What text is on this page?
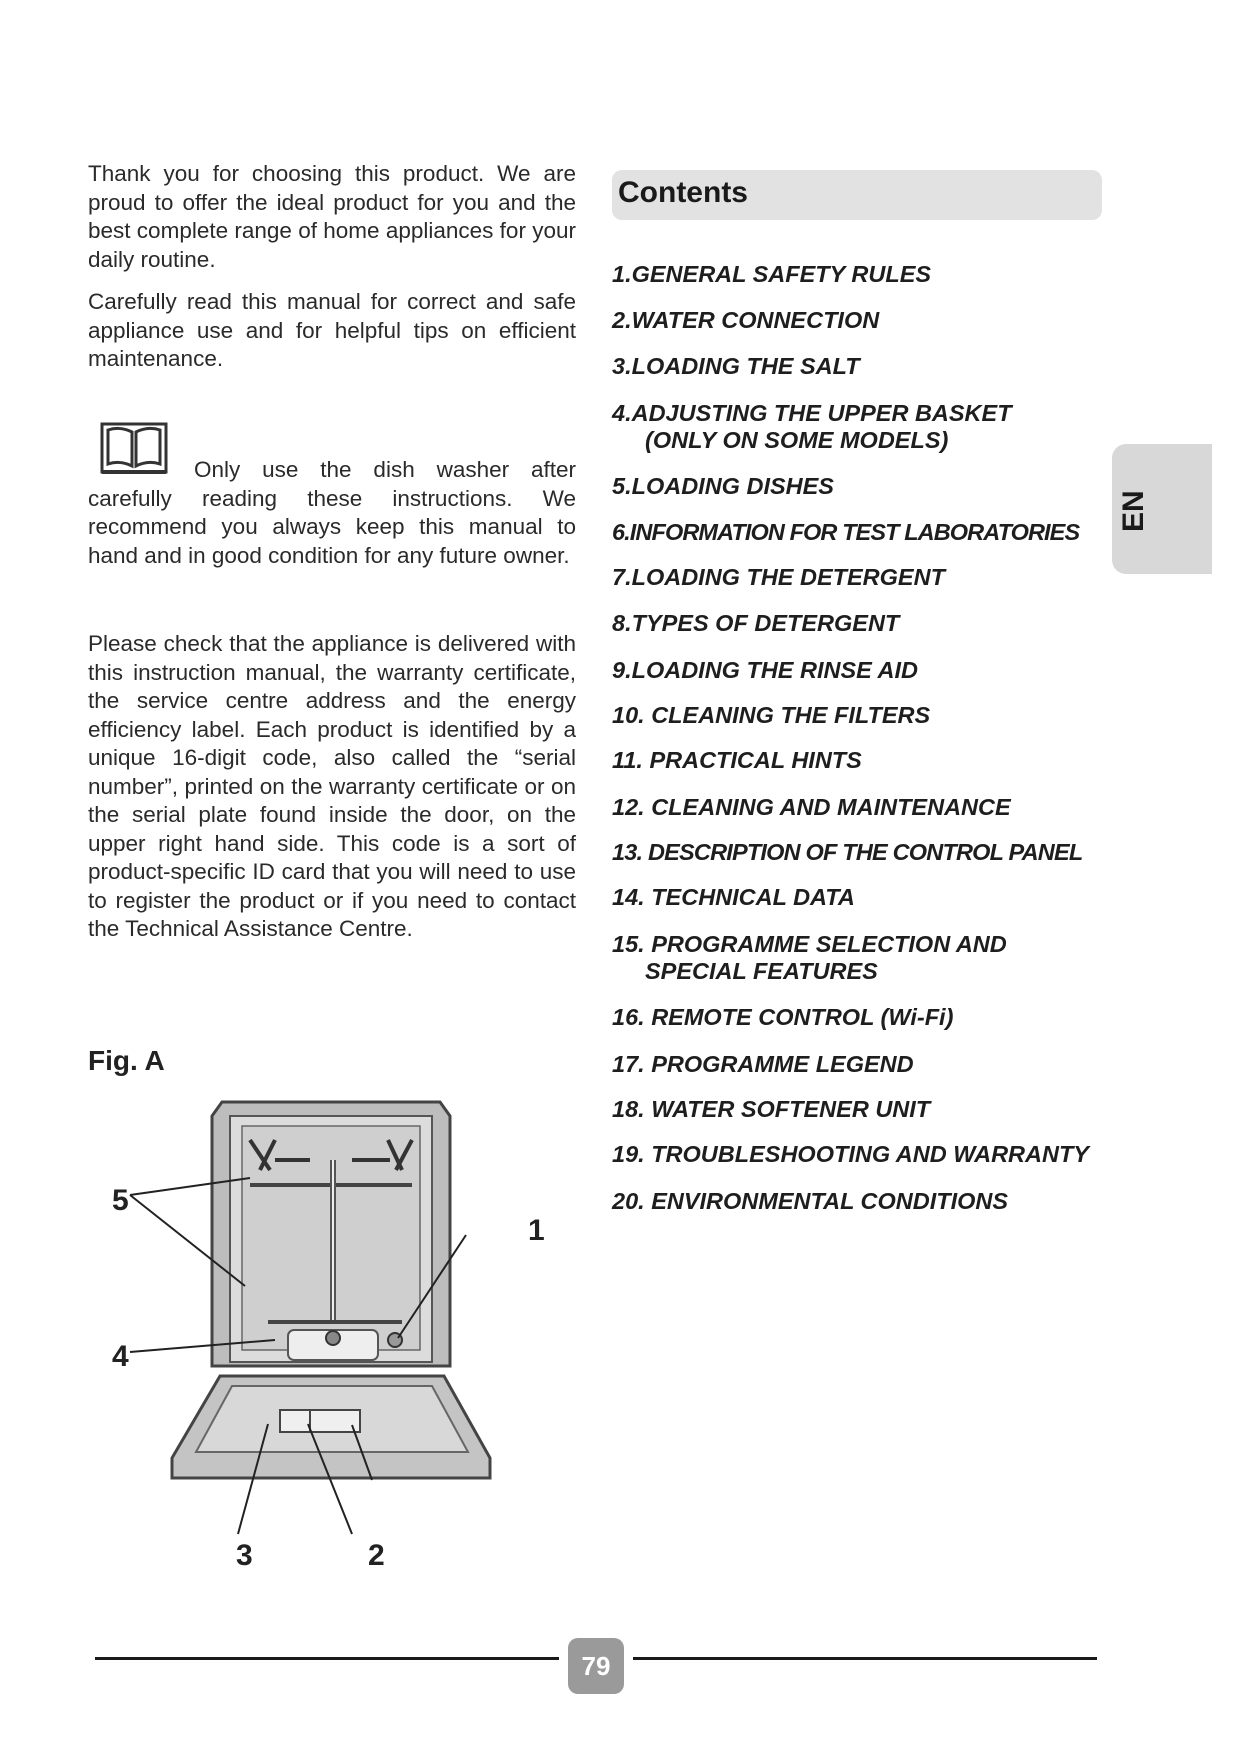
Thank you for choosing this product. We are proud to offer the ideal product for you and the best complete range of home appliances for your daily routine.

Carefully read this manual for correct and safe appliance use and for helpful tips on efficient maintenance.

Only use the dish washer after carefully reading these instructions. We recommend you always keep this manual to hand and in good condition for any future owner.

Please check that the appliance is delivered with this instruction manual, the warranty certificate, the service centre address and the energy efficiency label. Each product is identified by a unique 16-digit code, also called the “serial number”, printed on the warranty certificate or on the serial plate found inside the door, on the upper right hand side. This code is a sort of product-specific ID card that you will need to use to register the product or if you need to contact the Technical Assistance Centre.

Fig. A
1
2
3
4
5
Contents
1.GENERAL SAFETY RULES
2.WATER CONNECTION
3.LOADING THE SALT
4.ADJUSTING THE UPPER BASKET
(ONLY ON SOME MODELS)
5.LOADING DISHES
6.INFORMATION FOR TEST LABORATORIES
7.LOADING THE DETERGENT
8.TYPES OF DETERGENT
9.LOADING THE RINSE AID
10. CLEANING THE FILTERS
11. PRACTICAL HINTS
12. CLEANING AND MAINTENANCE
13. DESCRIPTION OF THE CONTROL PANEL
14. TECHNICAL DATA
15. PROGRAMME SELECTION AND
SPECIAL FEATURES
16. REMOTE CONTROL (Wi-Fi)
17. PROGRAMME LEGEND
18. WATER SOFTENER UNIT
19. TROUBLESHOOTING AND WARRANTY
20. ENVIRONMENTAL CONDITIONS
EN
79
